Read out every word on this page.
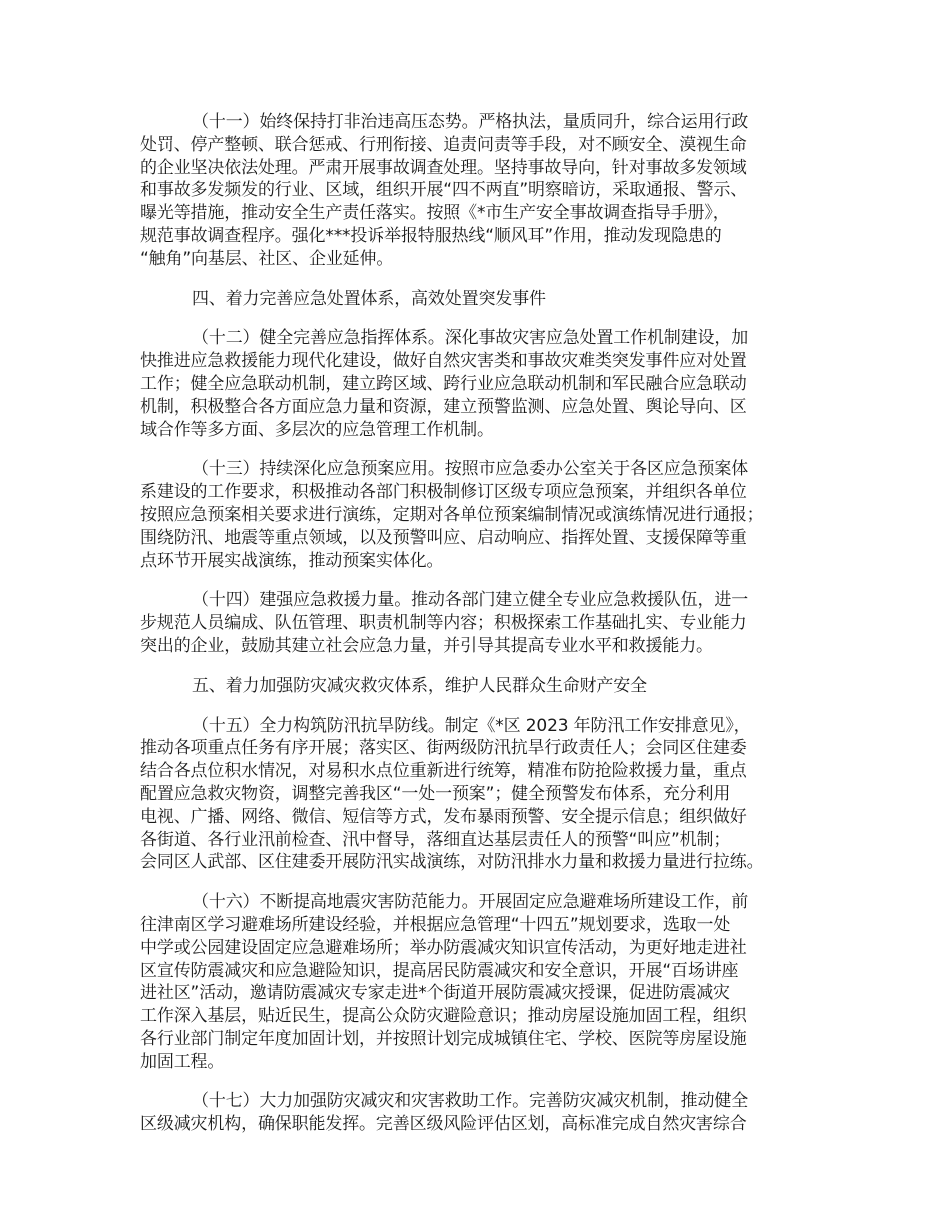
（十一）始终保持打非治违高压态势。严格执法，量质同升，综合运用行政
处罚、停产整顿、联合惩戒、行刑衔接、追责问责等手段，对不顾安全、漠视生命
的企业坚决依法处理。严肃开展事故调查处理。坚持事故导向，针对事故多发领域
和事故多发频发的行业、区域，组织开展“四不两直”明察暗访，采取通报、警示、
曝光等措施，推动安全生产责任落实。按照《*市生产安全事故调查指导手册》，
规范事故调查程序。强化***投诉举报特服热线“顺风耳”作用，推动发现隐患的
“触角”向基层、社区、企业延伸。
四、着力完善应急处置体系，高效处置突发事件
（十二）健全完善应急指挥体系。深化事故灾害应急处置工作机制建设，加
快推进应急救援能力现代化建设，做好自然灾害类和事故灾难类突发事件应对处置
工作；健全应急联动机制，建立跨区域、跨行业应急联动机制和军民融合应急联动
机制，积极整合各方面应急力量和资源，建立预警监测、应急处置、舆论导向、区
域合作等多方面、多层次的应急管理工作机制。
（十三）持续深化应急预案应用。按照市应急委办公室关于各区应急预案体
系建设的工作要求，积极推动各部门积极制修订区级专项应急预案，并组织各单位
按照应急预案相关要求进行演练，定期对各单位预案编制情况或演练情况进行通报；
围绕防汛、地震等重点领域，以及预警叫应、启动响应、指挥处置、支援保障等重
点环节开展实战演练，推动预案实体化。
（十四）建强应急救援力量。推动各部门建立健全专业应急救援队伍，进一
步规范人员编成、队伍管理、职责机制等内容；积极探索工作基础扎实、专业能力
突出的企业，鼓励其建立社会应急力量，并引导其提高专业水平和救援能力。
五、着力加强防灾减灾救灾体系，维护人民群众生命财产安全
（十五）全力构筑防汛抗旱防线。制定《*区 2023 年防汛工作安排意见》，
推动各项重点任务有序开展；落实区、街两级防汛抗旱行政责任人；会同区住建委
结合各点位积水情况，对易积水点位重新进行统筹，精准布防抢险救援力量，重点
配置应急救灾物资，调整完善我区“一处一预案”；健全预警发布体系，充分利用
电视、广播、网络、微信、短信等方式，发布暴雨预警、安全提示信息；组织做好
各街道、各行业汛前检查、汛中督导，落细直达基层责任人的预警“叫应”机制；
会同区人武部、区住建委开展防汛实战演练，对防汛排水力量和救援力量进行拉练。
（十六）不断提高地震灾害防范能力。开展固定应急避难场所建设工作，前
往津南区学习避难场所建设经验，并根据应急管理“十四五”规划要求，选取一处
中学或公园建设固定应急避难场所；举办防震减灾知识宣传活动，为更好地走进社
区宣传防震减灾和应急避险知识，提高居民防震减灾和安全意识，开展“百场讲座
进社区”活动，邀请防震减灾专家走进*个街道开展防震减灾授课，促进防震减灾
工作深入基层，贴近民生，提高公众防灾避险意识；推动房屋设施加固工程，组织
各行业部门制定年度加固计划，并按照计划完成城镇住宅、学校、医院等房屋设施
加固工程。
（十七）大力加强防灾减灾和灾害救助工作。完善防灾减灾机制，推动健全
区级减灾机构，确保职能发挥。完善区级风险评估区划，高标准完成自然灾害综合
